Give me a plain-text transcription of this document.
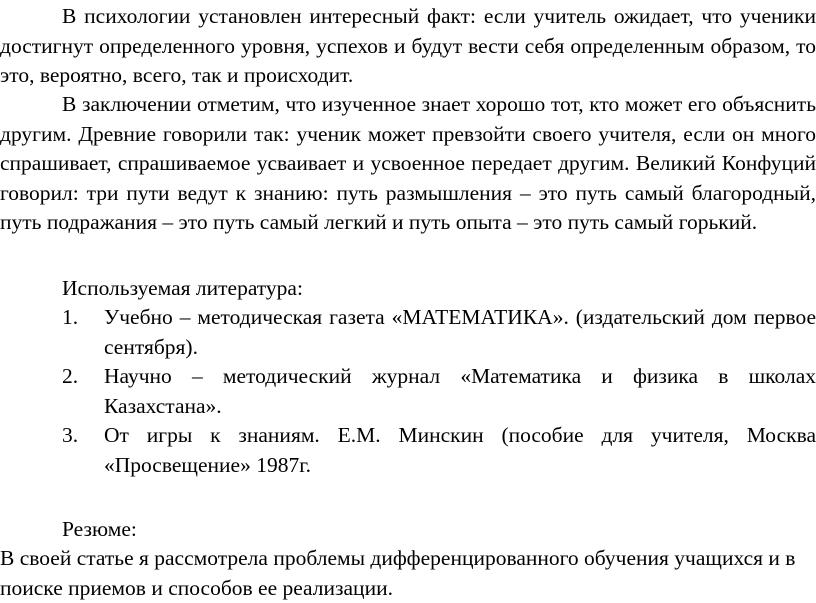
В психологии установлен интересный факт: если учитель ожидает, что ученики достигнут определенного уровня, успехов и будут вести себя определенным образом, то это, вероятно, всего, так и происходит.

В заключении отметим, что изученное знает хорошо тот, кто может его объяснить другим. Древние говорили так: ученик может превзойти своего учителя, если он много спрашивает, спрашиваемое усваивает и усвоенное передает другим. Великий Конфуций говорил: три пути ведут к знанию: путь размышления – это путь самый благородный, путь подражания – это путь самый легкий и путь опыта – это путь самый горький.

Используемая литература:

1. Учебно – методическая газета «МАТЕМАТИКА». (издательский дом первое сентября).
2. Научно – методический журнал «Математика и физика в школах Казахстана».
3. От игры к знаниям. Е.М. Минскин (пособие для учителя, Москва «Просвещение» 1987г.

Резюме:

В своей статье я рассмотрела проблемы дифференцированного обучения учащихся и в поиске приемов и способов ее реализации.
